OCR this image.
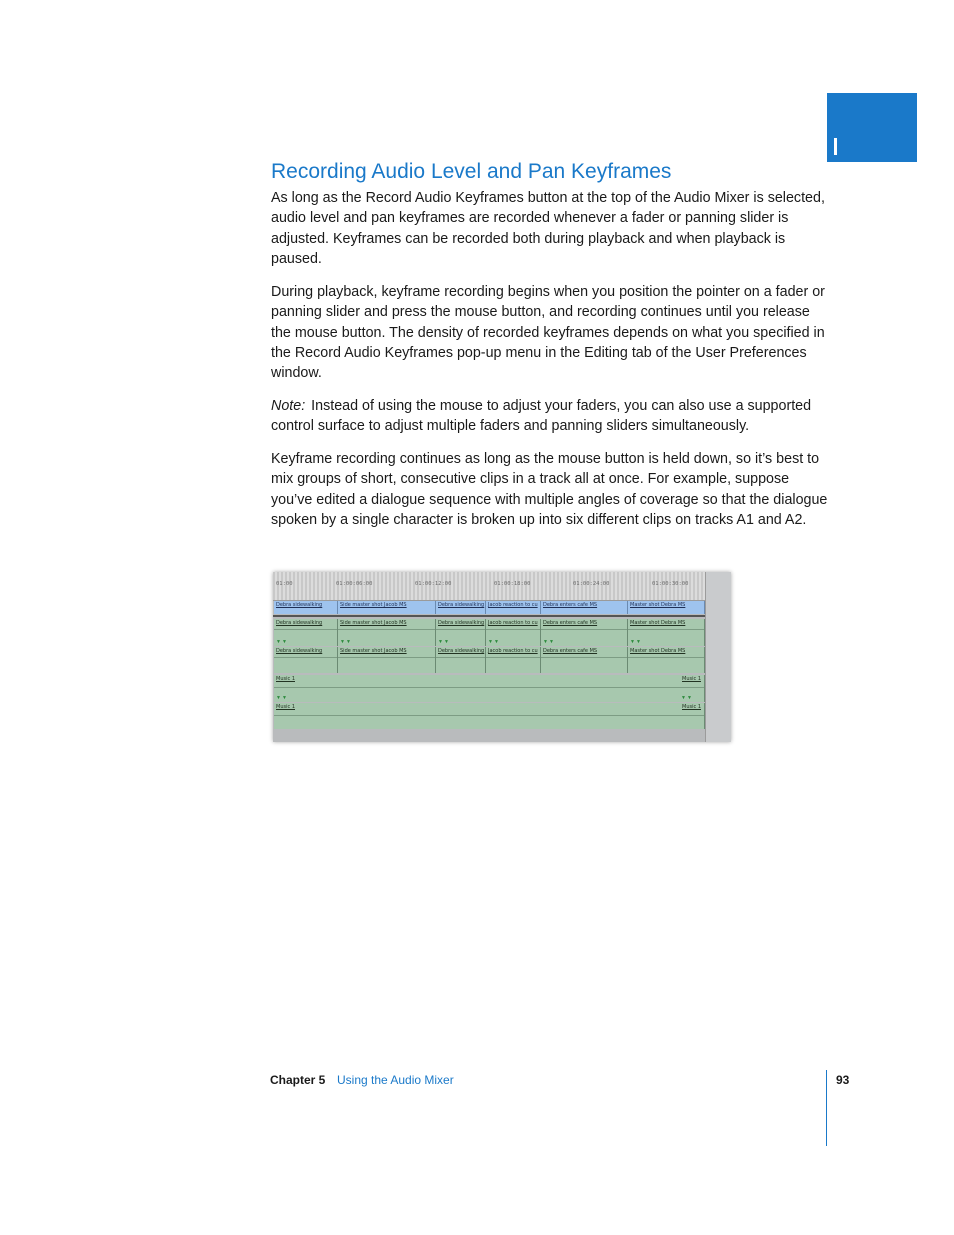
Recording Audio Level and Pan Keyframes

As long as the Record Audio Keyframes button at the top of the Audio Mixer is selected, audio level and pan keyframes are recorded whenever a fader or panning slider is adjusted. Keyframes can be recorded both during playback and when playback is paused.

During playback, keyframe recording begins when you position the pointer on a fader or panning slider and press the mouse button, and recording continues until you release the mouse button. The density of recorded keyframes depends on what you specified in the Record Audio Keyframes pop-up menu in the Editing tab of the User Preferences window.

Note: Instead of using the mouse to adjust your faders, you can also use a supported control surface to adjust multiple faders and panning sliders simultaneously.

Keyframe recording continues as long as the mouse button is held down, so it’s best to mix groups of short, consecutive clips in a track all at once. For example, suppose you’ve edited a dialogue sequence with multiple angles of coverage so that the dialogue spoken by a single character is broken up into six different clips on tracks A1 and A2.

01:00	01:00:06:00	01:00:12:00	01:00:18:00	01:00:24:00	01:00:30:00
Debra sidewalking	Side master shot Jacob MS	Debra sidewalking Jacob reaction to cu Debra enters cafe MS	Master shot Debra MS
Debra sidewalking
▼▼
Side master shot Jacob MS
▼▼
Debra sidewalking
▼▼
Jacob reaction to cu
▼▼
Debra enters cafe MS
▼▼
Master shot Debra MS
▼▼
Debra sidewalking	Side master shot Jacob MS	Debra sidewalking Jacob reaction to cu Debra enters cafe MS	Master shot Debra MS
Music 1	Music 1
▼▼	▼▼
Music 1	Music 1
Chapter 5 Using the Audio Mixer	93
